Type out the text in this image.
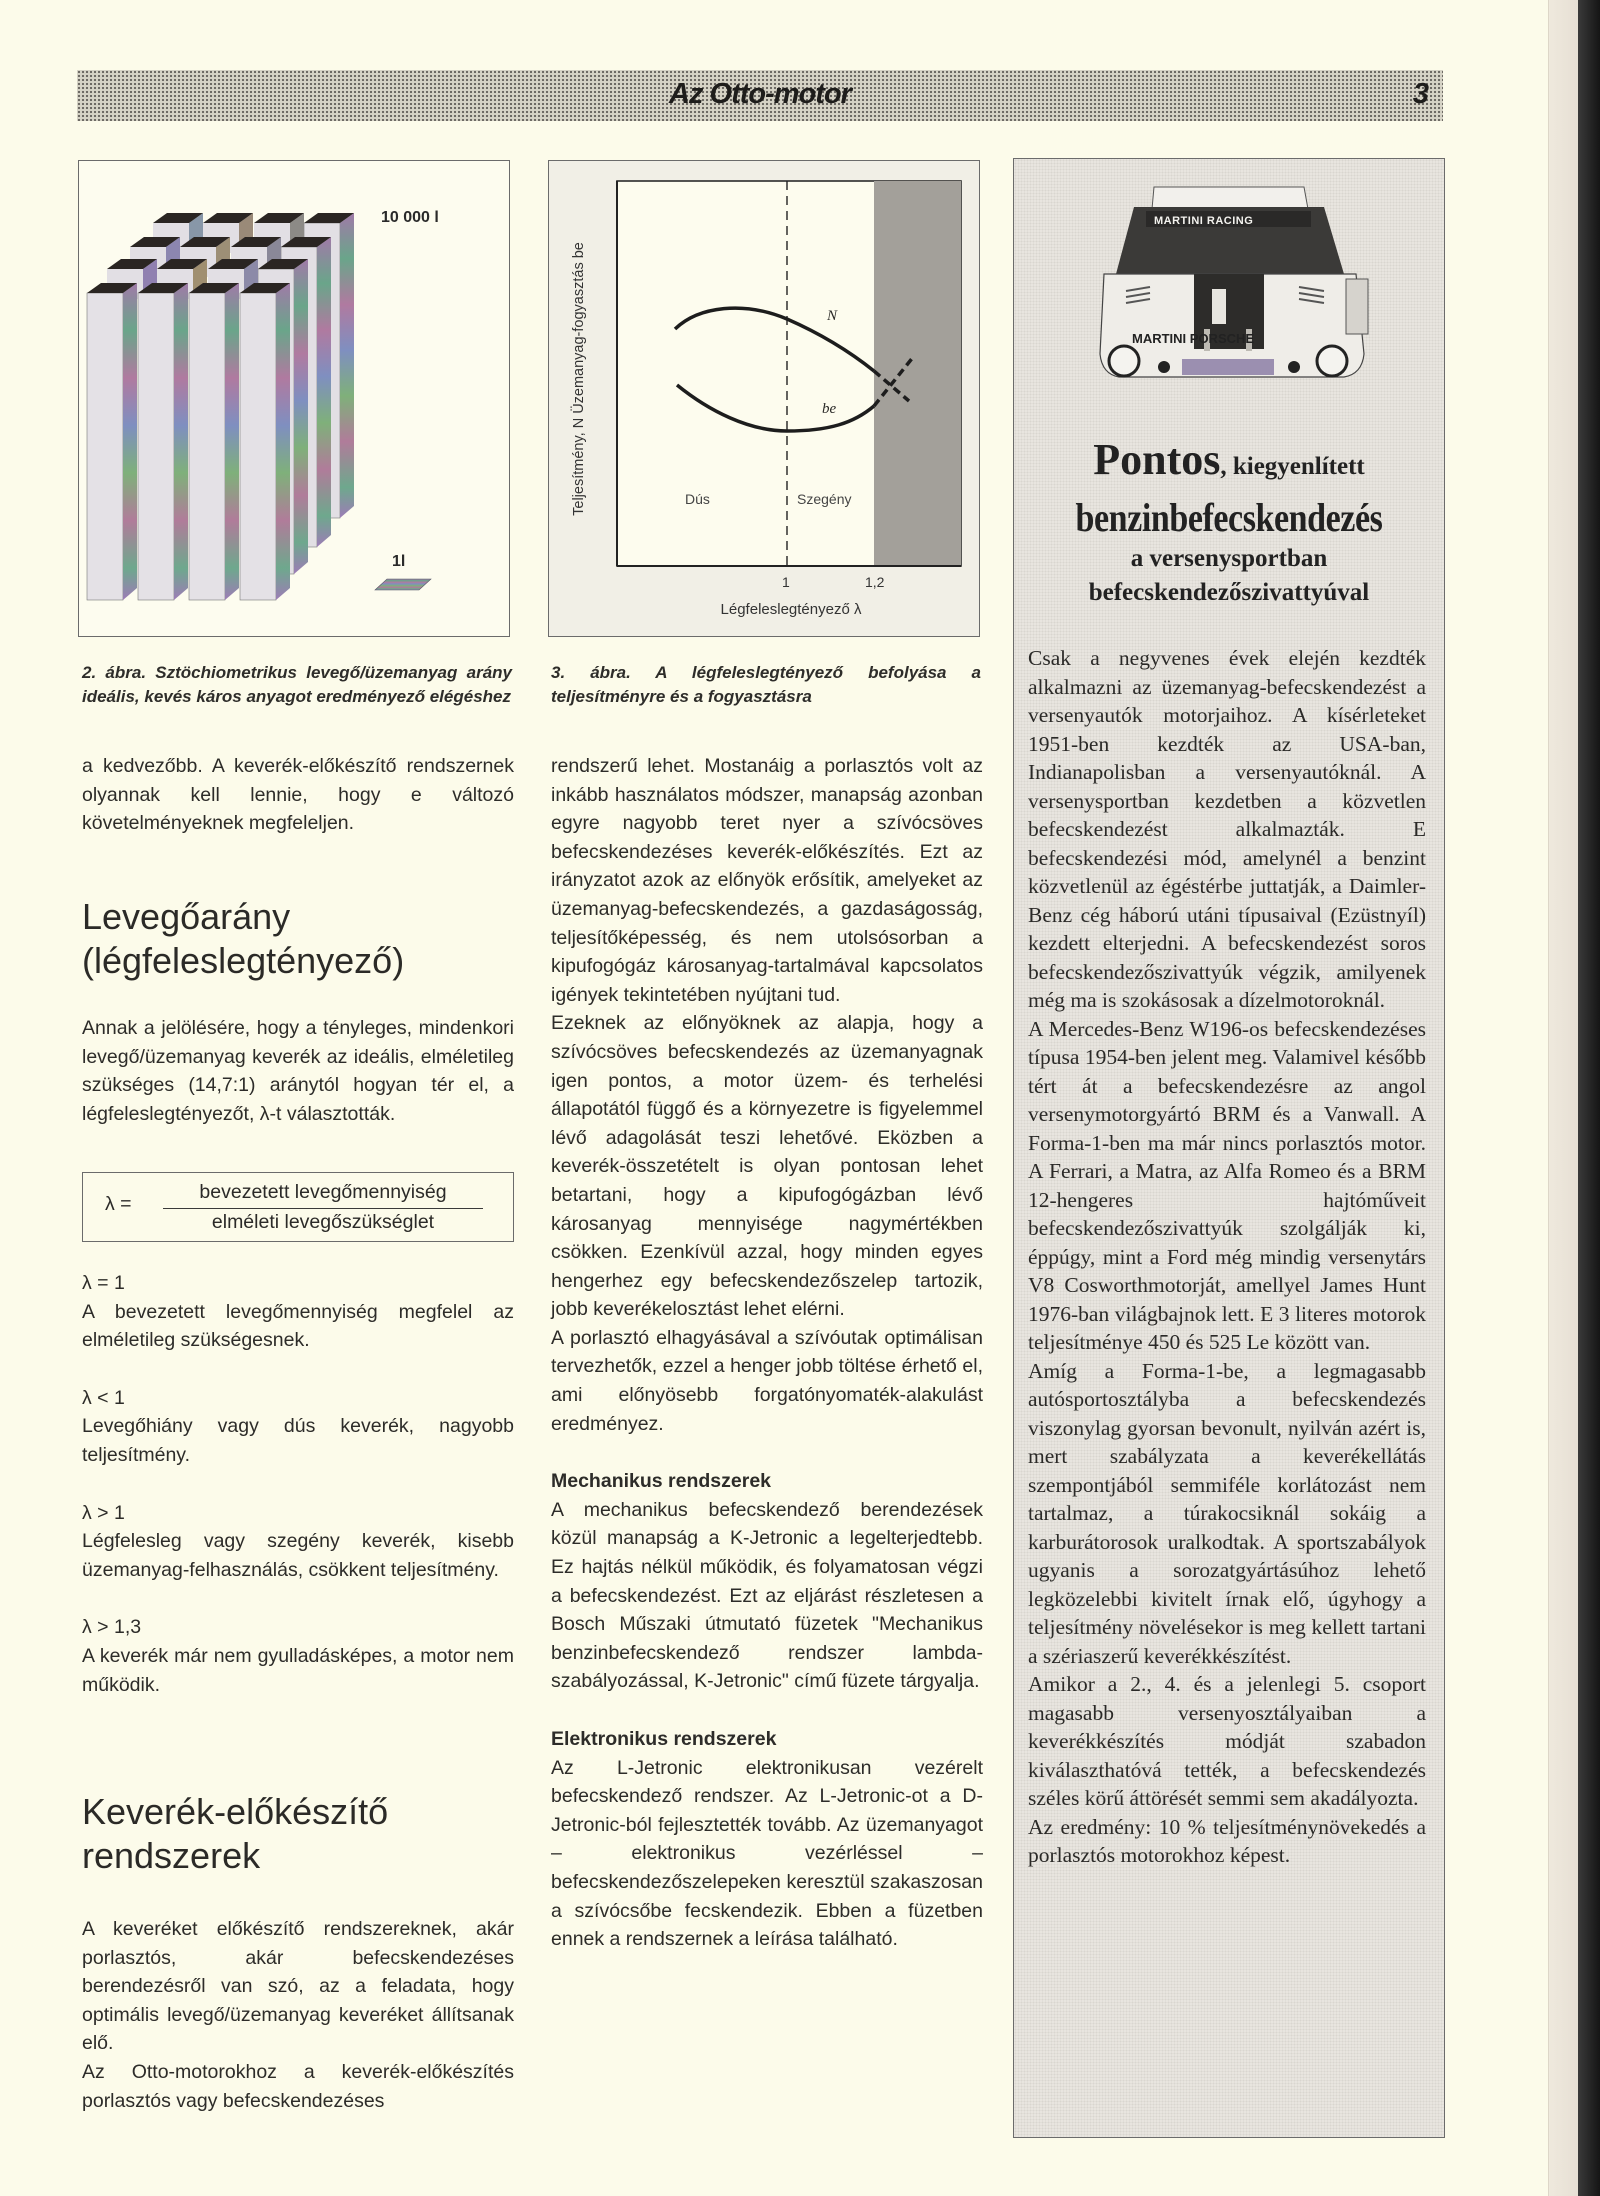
Az Otto-motor	3
10 000 l
1l
Teljesítmény, N Üzemanyag-fogyasztás be	N
be
Dús	Szegény
1	1,2
Légfeleslegtényező λ
2. ábra. Sztöchiometrikus levegő/üzemanyag arány ideális, kevés káros anyagot eredményező elégéshez
3. ábra. A légfeleslegtényező befolyása a teljesítményre és a fogyasztásra

a kedvezőbb. A keverék-előkészítő rendszernek olyannak kell lennie, hogy e változó követelményeknek megfeleljen.

Levegőarány
(légfeleslegtényező)

Annak a jelölésére, hogy a tényleges, mindenkori levegő/üzemanyag keverék az ideális, elméletileg szükséges (14,7:1) aránytól hogyan tér el, a légfeleslegtényezőt, λ-t választották.

λ =
bevezetett levegőmennyiség
elméleti levegőszükséglet

λ = 1

A bevezetett levegőmennyiség megfelel az elméletileg szükségesnek.

λ < 1

Levegőhiány vagy dús keverék, nagyobb teljesítmény.

λ > 1

Légfelesleg vagy szegény keverék, kisebb üzemanyag-felhasználás, csökkent teljesítmény.

λ > 1,3

A keverék már nem gyulladásképes, a motor nem működik.

Keverék-előkészítő
rendszerek

A keveréket előkészítő rendszereknek, akár porlasztós, akár befecskendezéses berendezésről van szó, az a feladata, hogy optimális levegő/üzemanyag keveréket állítsanak elő.

Az Otto-motorokhoz a keverék-előkészítés porlasztós vagy befecskendezéses

rendszerű lehet. Mostanáig a porlasztós volt az inkább használatos módszer, manapság azonban egyre nagyobb teret nyer a szívócsöves befecskendezéses keverék-előkészítés. Ezt az irányzatot azok az előnyök erősítik, amelyeket az üzemanyag-befecskendezés, a gazdaságosság, teljesítőképesség, és nem utolsósorban a kipufogógáz károsanyag-tartalmával kapcsolatos igények tekintetében nyújtani tud.

Ezeknek az előnyöknek az alapja, hogy a szívócsöves befecskendezés az üzemanyagnak igen pontos, a motor üzem- és terhelési állapotától függő és a környezetre is figyelemmel lévő adagolását teszi lehetővé. Eközben a keverék-összetételt is olyan pontosan lehet betartani, hogy a kipufogógázban lévő károsanyag mennyisége nagymértékben csökken. Ezenkívül azzal, hogy minden egyes hengerhez egy befecskendezőszelep tartozik, jobb keverékelosztást lehet elérni.

A porlasztó elhagyásával a szívóutak optimálisan tervezhetők, ezzel a henger jobb töltése érhető el, ami előnyösebb forgatónyomaték-alakulást eredményez.

Mechanikus rendszerek

A mechanikus befecskendező berendezések közül manapság a K-Jetronic a legelterjedtebb. Ez hajtás nélkül működik, és folyamatosan végzi a befecskendezést. Ezt az eljárást részletesen a Bosch Műszaki útmutató füzetek "Mechanikus benzinbefecskendező rendszer lambda-szabályozással, K-Jetronic" című füzete tárgyalja.

Elektronikus rendszerek

Az L-Jetronic elektronikusan vezérelt befecskendező rendszer. Az L-Jetronic-ot a D-Jetronic-ból fejlesztették tovább. Az üzemanyagot – elektronikus vezérléssel – befecskendezőszelepeken keresztül szakaszosan a szívócsőbe fecskendezik. Ebben a füzetben ennek a rendszernek a leírása található.

MARTINI RACING
MARTINI PORSCHE
Pontos, kiegyenlített
benzinbefecskendezés
a versenysportban
befecskendezőszivattyúval

Csak a negyvenes évek elején kezdték alkalmazni az üzemanyag-befecskendezést a versenyautók motorjaihoz. A kísérleteket 1951-ben kezdték az USA-ban, Indianapolisban a versenyautóknál. A versenysportban kezdetben a közvetlen befecskendezést alkalmazták. E befecskendezési mód, amelynél a benzint közvetlenül az égéstérbe juttatják, a Daimler-Benz cég háború utáni típusaival (Ezüstnyíl) kezdett elterjedni. A befecskendezést soros befecskendezőszivattyúk végzik, amilyenek még ma is szokásosak a dízelmotoroknál.

A Mercedes-Benz W196-os befecskendezéses típusa 1954-ben jelent meg. Valamivel később tért át a befecskendezésre az angol versenymotorgyártó BRM és a Vanwall. A Forma-1-ben ma már nincs porlasztós motor. A Ferrari, a Matra, az Alfa Romeo és a BRM 12-hengeres hajtóműveit befecskendezőszivattyúk szolgálják ki, éppúgy, mint a Ford még mindig versenytárs V8 Cosworthmotorját, amellyel James Hunt 1976-ban világbajnok lett. E 3 literes motorok teljesítménye 450 és 525 Le között van.

Amíg a Forma-1-be, a legmagasabb autósportosztályba a befecskendezés viszonylag gyorsan bevonult, nyilván azért is, mert szabályzata a keverékellátás szempontjából semmiféle korlátozást nem tartalmaz, a túrakocsiknál sokáig a karburátorosok uralkodtak. A sportszabályok ugyanis a sorozatgyártásúhoz lehető legközelebbi kivitelt írnak elő, úgyhogy a teljesítmény növelésekor is meg kellett tartani a szériaszerű keverékkészítést.

Amikor a 2., 4. és a jelenlegi 5. csoport magasabb versenyosztályaiban a keverékkészítés módját szabadon kiválaszthatóvá tették, a befecskendezés széles körű áttörését semmi sem akadályozta.

Az eredmény: 10 % teljesítménynövekedés a porlasztós motorokhoz képest.
